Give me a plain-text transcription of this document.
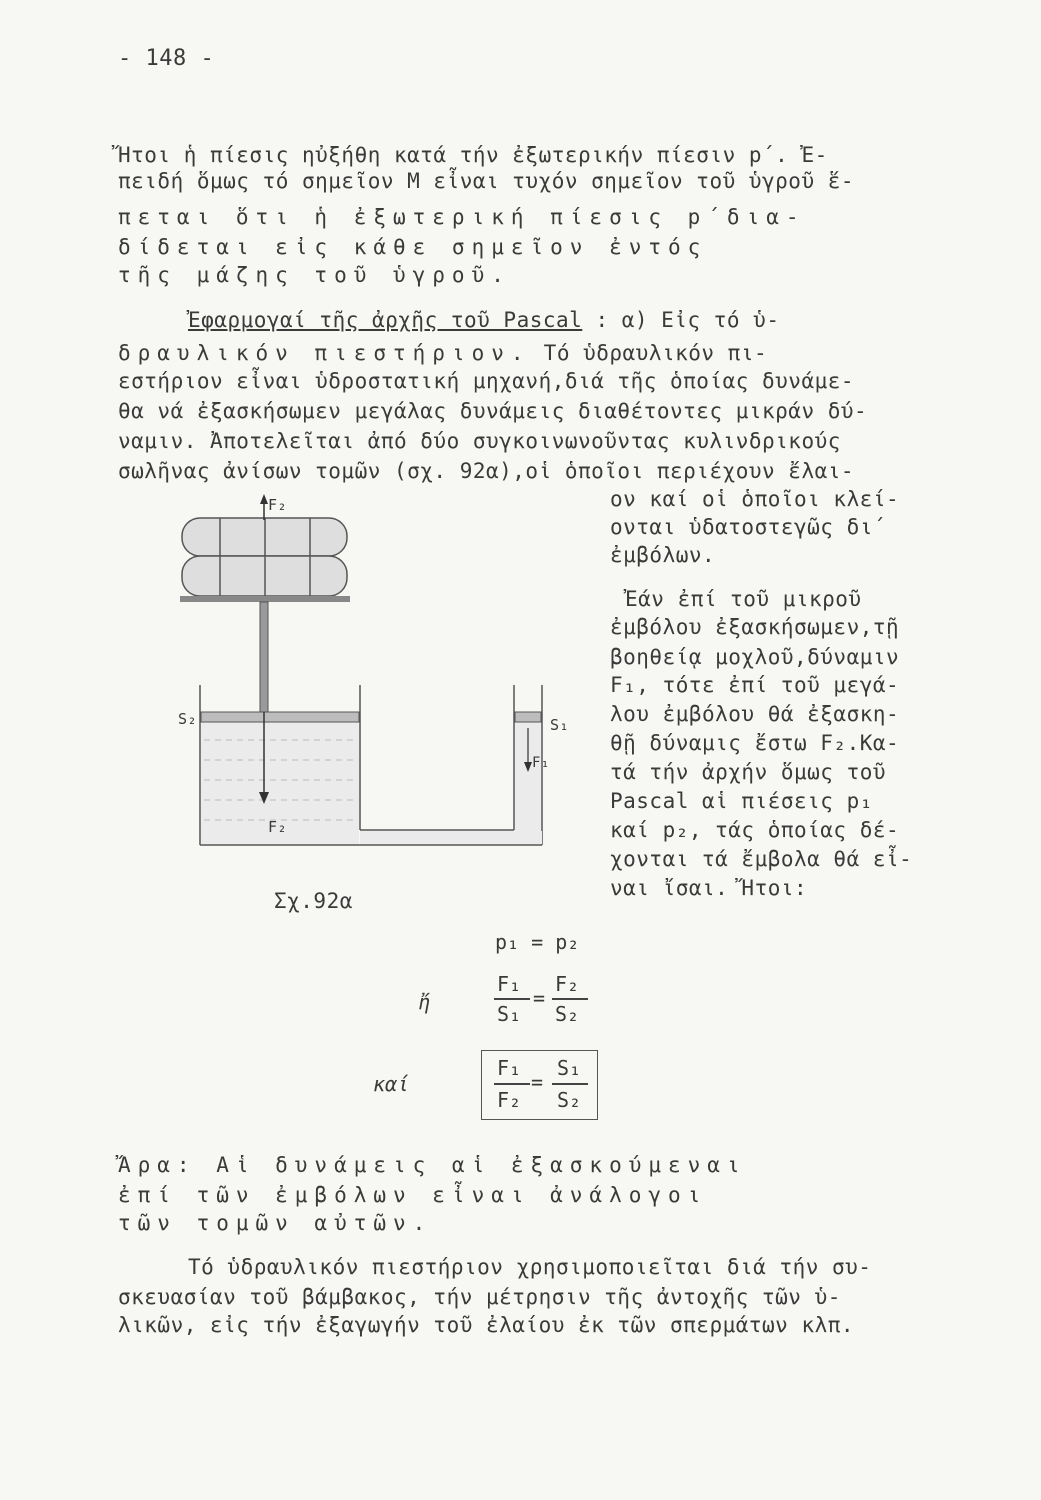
- 148 -
Ἤτοι ἡ πίεσις ηὐξήθη κατά τήν ἐξωτερικήν πίεσιν p΄. Ἐ-
πειδή ὅμως τό σημεῖον M εἶναι τυχόν σημεῖον τοῦ ὑγροῦ ἕ-
πεται ὅτι ἡ ἐξωτερική πίεσις p΄δια-
δίδεται εἰς κάθε σημεῖον ἐντός
τῆς μάζης τοῦ ὑγροῦ.
Ἐφαρμογαί τῆς ἀρχῆς τοῦ Pascal : α) Εἰς τό ὑ-
δραυλικόν πιεστήριον. Τό ὑδραυλικόν πι-
εστήριον εἶναι ὑδροστατική μηχανή,διά τῆς ὁποίας δυνάμε-
θα νά ἐξασκήσωμεν μεγάλας δυνάμεις διαθέτοντες μικράν δύ-
ναμιν. Ἀποτελεῖται ἀπό δύο συγκοινωνοῦντας κυλινδρικούς
σωλῆνας ἀνίσων τομῶν (σχ. 92α),οἱ ὁποῖοι περιέχουν ἔλαι-
ον καί οἱ ὁποῖοι κλεί-
ονται ὑδατοστεγῶς δι΄
ἐμβόλων.
Ἐάν ἐπί τοῦ μικροῦ
ἐμβόλου ἐξασκήσωμεν,τῇ
βοηθείᾳ μοχλοῦ,δύναμιν
F₁, τότε ἐπί τοῦ μεγά-
λου ἐμβόλου θά ἐξασκη-
θῇ δύναμις ἔστω F₂.Κα-
τά τήν ἀρχήν ὅμως τοῦ
Pascal αἱ πιέσεις p₁
καί p₂, τάς ὁποίας δέ-
χονται τά ἔμβολα θά εἶ-
ναι ἴσαι. Ἤτοι:
F₂
S₂	S₁
F₁
F₂
Σχ.92α
p₁ = p₂
ἤ
F₁
S₁
=
F₂
S₂
καί
F₁
F₂
=
S₁
S₂
Ἄρα: Αἱ δυνάμεις αἱ ἐξασκούμεναι
ἐπί τῶν ἐμβόλων εἶναι ἀνάλογοι
τῶν τομῶν αὐτῶν.
Τό ὑδραυλικόν πιεστήριον χρησιμοποιεῖται διά τήν συ-
σκευασίαν τοῦ βάμβακος, τήν μέτρησιν τῆς ἀντοχῆς τῶν ὑ-
λικῶν, εἰς τήν ἐξαγωγήν τοῦ ἐλαίου ἐκ τῶν σπερμάτων κλπ.
